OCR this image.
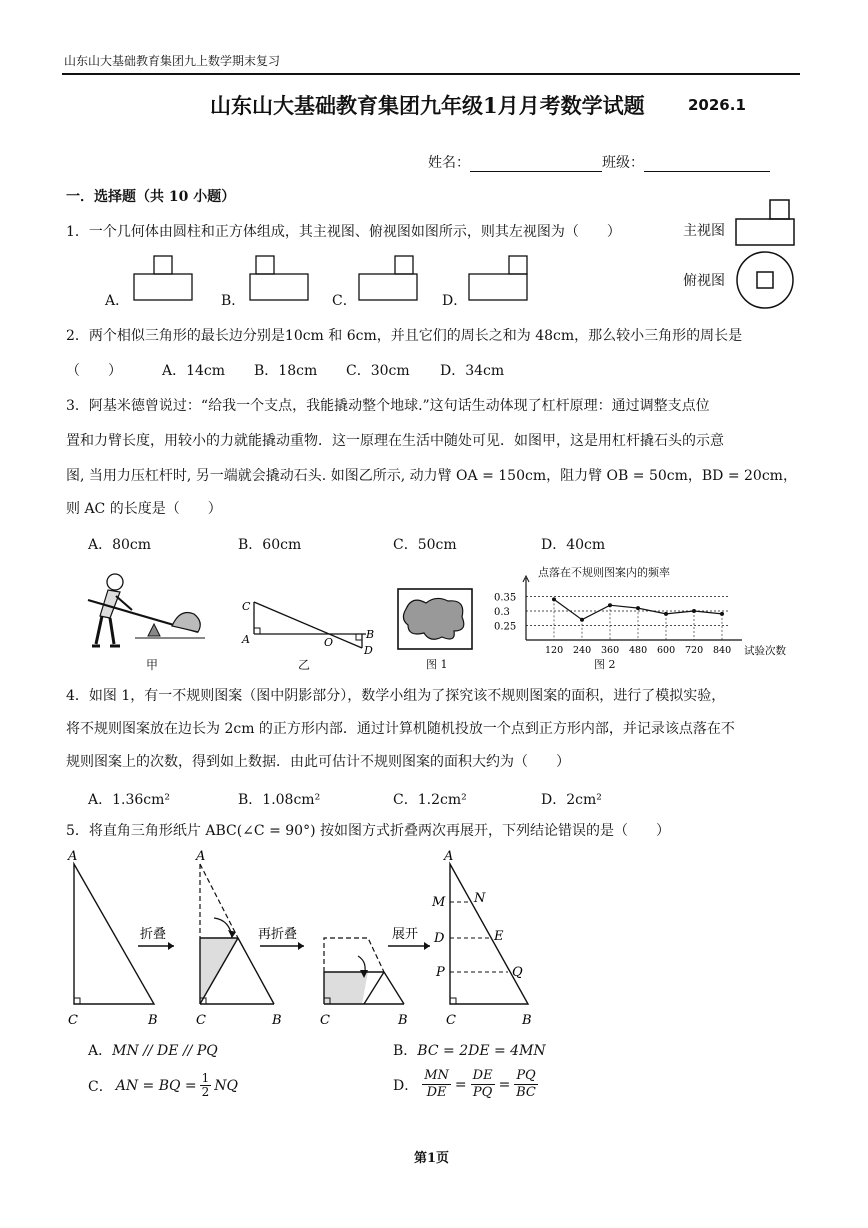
山东山大基础教育集团九上数学期末复习
山东山大基础教育集团九年级1月月考数学试题	2026.1
姓名：	班级：
一．选择题（共 10 小题）
1．一个几何体由圆柱和正方体组成，其主视图、俯视图如图所示，则其左视图为（　　）	主视图
俯视图
A．	B．	C．	D．
2．两个相似三角形的最长边分别是10cm 和 6cm，并且它们的周长之和为 48cm，那么较小三角形的周长是
（　　）	A．14cm B．18cm C．30cm D．34cm
3．阿基米德曾说过：“给我一个支点，我能撬动整个地球.”这句话生动体现了杠杆原理：通过调整支点位
置和力臂长度，用较小的力就能撬动重物．这一原理在生活中随处可见．如图甲，这是用杠杆撬石头的示意
图, 当用力压杠杆时, 另一端就会撬动石头. 如图乙所示, 动力臂 OA = 150cm，阻力臂 OB = 50cm，BD = 20cm，
则 AC 的长度是（　　）
A．80cm	B．60cm	C．50cm	D．40cm
甲
C
A	O
B
D
乙	图 1
点落在不规则图案内的频率
0.25
0.3
0.35
120 240 360 480 600 720 840 试验次数
图 2
4．如图 1，有一不规则图案（图中阴影部分），数学小组为了探究该不规则图案的面积，进行了模拟实验，
将不规则图案放在边长为 2cm 的正方形内部．通过计算机随机投放一个点到正方形内部，并记录该点落在不
规则图案上的次数，得到如上数据．由此可估计不规则图案的面积大约为（　　）
A．1.36cm²	B．1.08cm²	C．1.2cm²	D．2cm²
5．将直角三角形纸片 ABC(∠C = 90°) 按如图方式折叠两次再展开，下列结论错误的是（　　）
A
C	B
折叠
A
C	B
再折叠
C	B
展开
A
M N
D	E
P	Q
C	B
A．MN // DE // PQ	B．BC = 2DE = 4MN
C． AN = BQ = $\frac{1}{2}$ NQ	D． $\frac{MN}{DE} = \frac{DE}{PQ} = \frac{PQ}{BC}$
第1页
